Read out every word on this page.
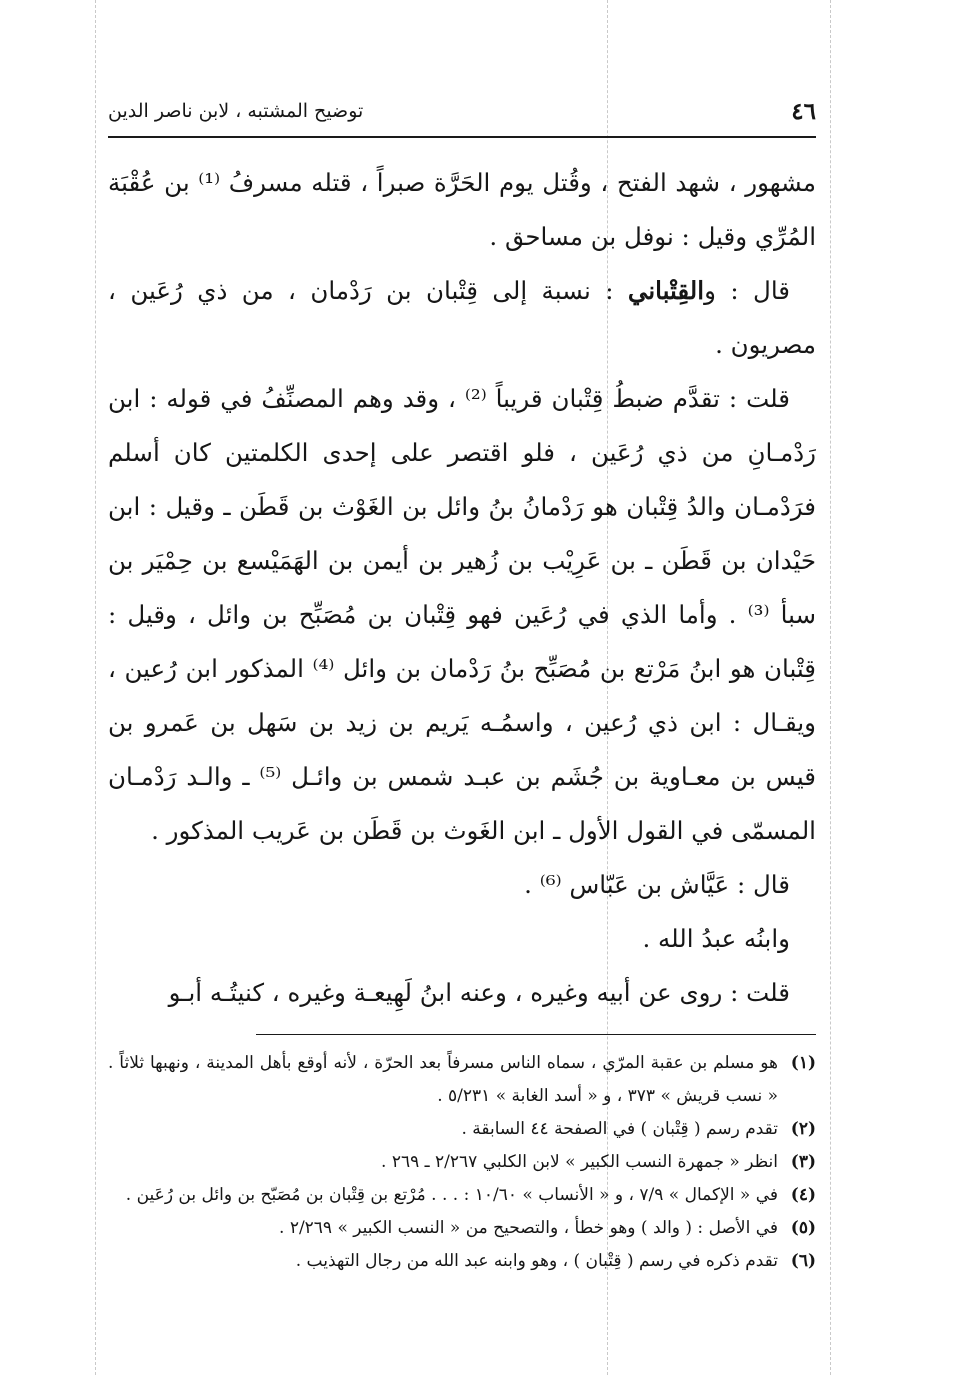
٤٦
توضيح المشتبه ، لابن ناصر الدين

مشهور ، شهد الفتح ، وقُتل يوم الحَرَّة صبراً ، قتله مسرفُ ⁽¹⁾ بن عُقْبَة المُرِّي وقيل : نوفل بن مساحق .

قال : والقِتْباني : نسبة إلى قِتْبان بن رَدْمان ، من ذي رُعَين ، مصريون .

قلت : تقدَّم ضبطُ قِتْبان قريباً ⁽²⁾ ، وقد وهم المصنِّفُ في قوله : ابن رَدْمـانِ من ذي رُعَين ، فلو اقتصر على إحدى الكلمتين كان أسلم فرَدْمـان والدُ قِتْبان هو رَدْمانُ بنُ وائل بن الغَوْث بن قَطَن ـ وقيل : ابن حَيْدان بن قَطَن ـ بن عَرِيْب بن زُهير بن أيمن بن الهَمَيْسع بن حِمْيَر بن سبأ ⁽³⁾ . وأما الذي في رُعَين فهو قِتْبان بن مُصَبِّح بن وائل ، وقيل : قِتْبان هو ابنُ مَرْتع بن مُصَبِّح بنُ رَدْمان بن وائل ⁽⁴⁾ المذكور ابن رُعين ، ويقـال : ابن ذي رُعين ، واسمُـه يَريم بن زيد بن سَهل بن عَمرو بن قيس بن معـاوية بن جُشَم بن عبـد شمس بن وائـل ⁽⁵⁾ ـ والـد رَدْمـان المسمّى في القول الأول ـ ابن الغَوث بن قَطَن بن عَريب المذكور .

قال : عَيَّاش بن عَبّاس ⁽⁶⁾ .

وابنُه عبدُ الله .

قلت : روى عن أبيه وغيره ، وعنه ابنُ لَهِيعـة وغيره ، كنيتُـه أبـو

(١)
هو مسلم بن عقبة المرّي ، سماه الناس مسرفاً بعد الحرّة ، لأنه أوقع بأهل المدينة ، ونهبها ثلاثاً . « نسب قريش » ٣٧٣ ، و « أسد الغابة » ٥/٢٣١ .
(٢)
تقدم رسم ( قِتْبان ) في الصفحة ٤٤ السابقة .
(٣)
انظر « جمهرة النسب الكبير » لابن الكلبي ٢/٢٦٧ ـ ٢٦٩ .
(٤)
في « الإكمال » ٧/٩ ، و « الأنساب » ١٠/٦٠ : . . . مُرْتع بن قِتْبان بن مُصَبّح بن وائل بن رُعَين .
(٥)
في الأصل : ( والد ) وهو خطأ ، والتصحيح من « النسب الكبير » ٢/٢٦٩ .
(٦)
تقدم ذكره في رسم ( قِتْبان ) ، وهو وابنه عبد الله من رجال التهذيب .
